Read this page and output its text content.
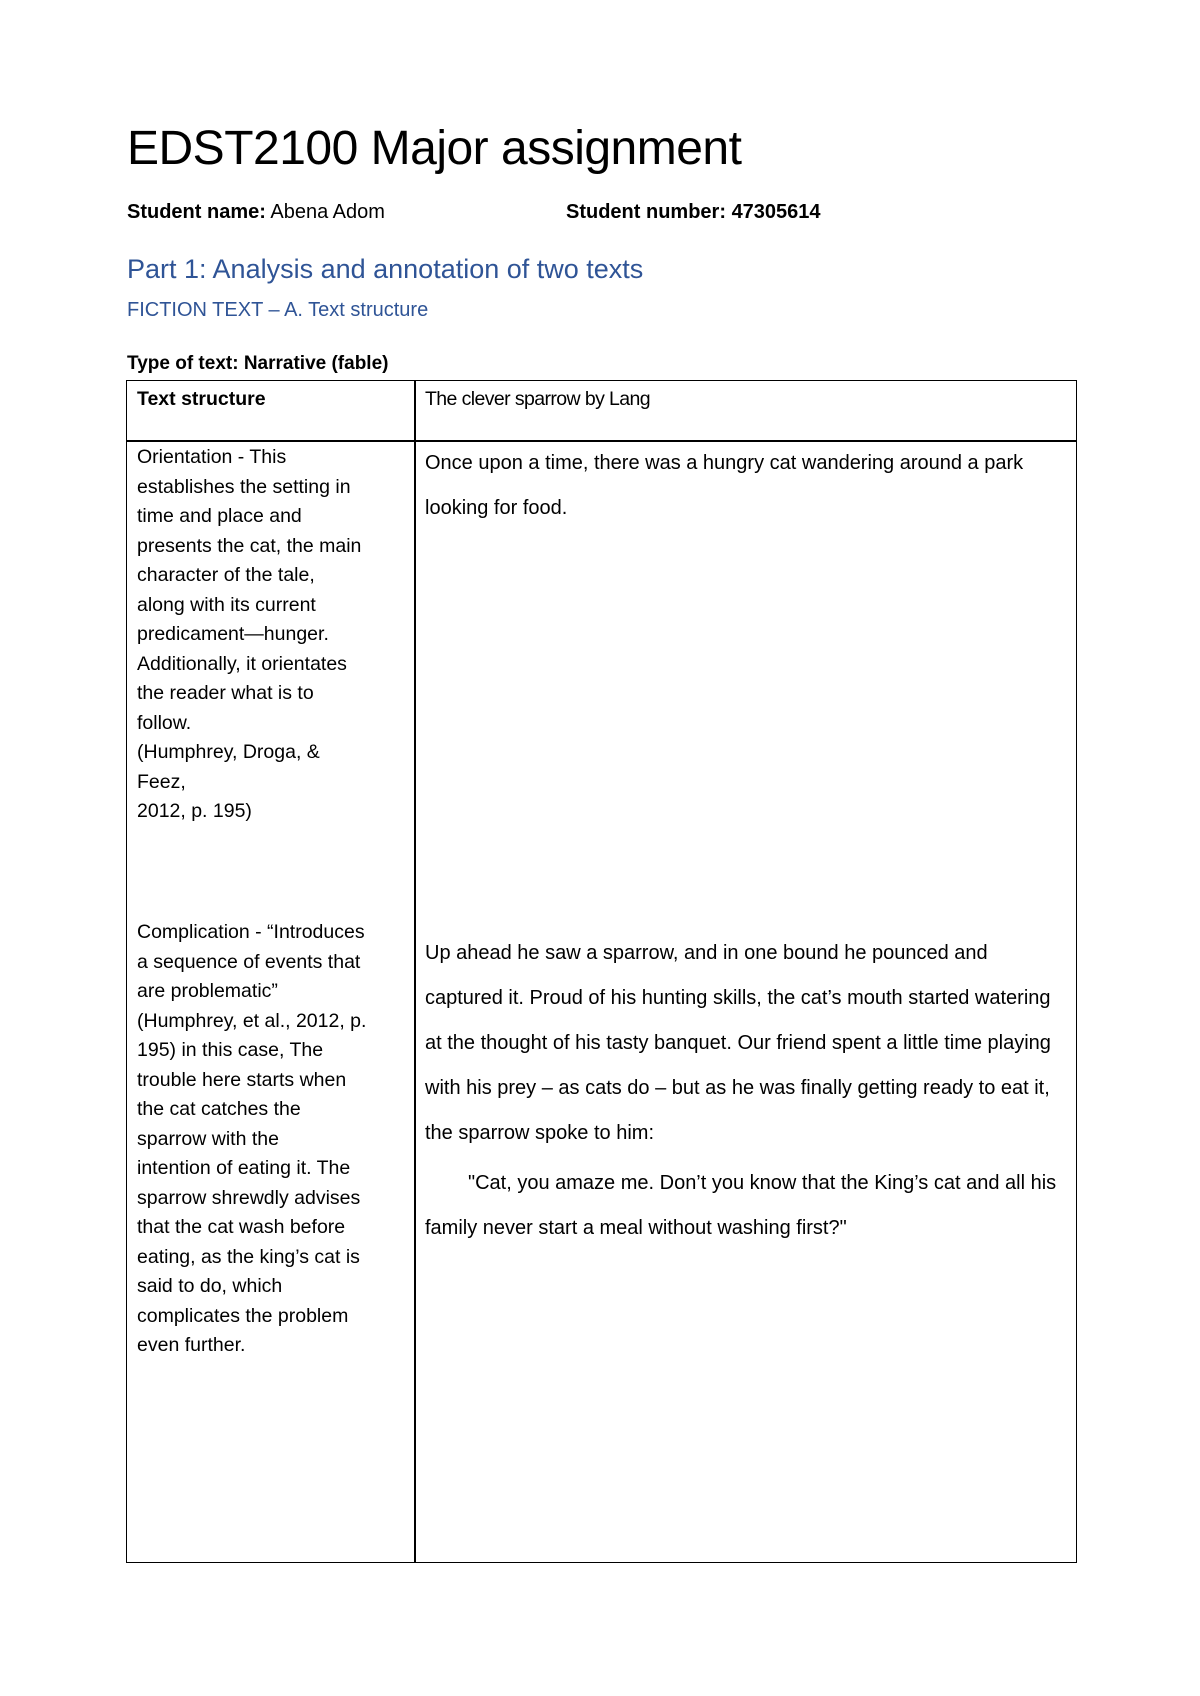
EDST2100 Major assignment
Student name: Abena Adom	Student number: 47305614
Part 1: Analysis and annotation of two texts
FICTION TEXT – A. Text structure
Type of text: Narrative (fable)
Text structure	The clever sparrow by Lang
Orientation - This
establishes the setting in
time and place and
presents the cat, the main
character of the tale,
along with its current
predicament—hunger.
Additionally, it orientates
the reader what is to
follow.
(Humphrey, Droga, &
Feez,
2012, p. 195)
Complication - “Introduces
a sequence of events that
are problematic”
(Humphrey, et al., 2012, p.
195) in this case, The
trouble here starts when
the cat catches the
sparrow with the
intention of eating it. The
sparrow shrewdly advises
that the cat wash before
eating, as the king’s cat is
said to do, which
complicates the problem
even further.
Once upon a time, there was a hungry cat wandering around a park looking for food.
Up ahead he saw a sparrow, and in one bound he pounced and captured it. Proud of his hunting skills, the cat’s mouth started watering at the thought of his tasty banquet. Our friend spent a little time playing with his prey – as cats do – but as he was finally getting ready to eat it, the sparrow spoke to him:
"Cat, you amaze me. Don’t you know that the King’s cat and all his family never start a meal without washing first?"
